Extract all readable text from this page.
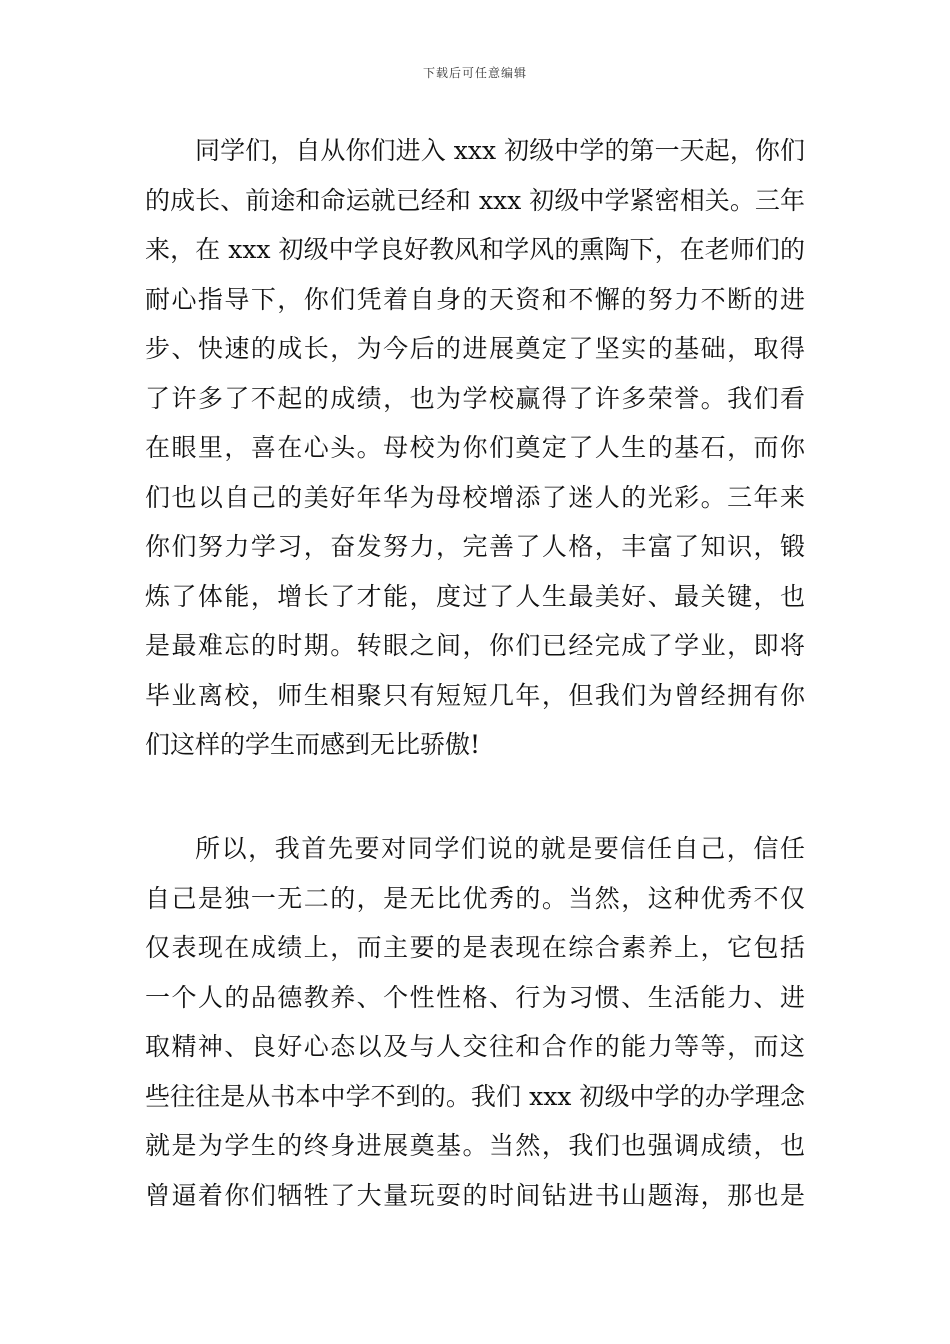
下载后可任意编辑
同学们，自从你们进入 xxx 初级中学的第一天起，你们
的成长、前途和命运就已经和 xxx 初级中学紧密相关。三年
来，在 xxx 初级中学良好教风和学风的熏陶下，在老师们的
耐心指导下，你们凭着自身的天资和不懈的努力不断的进
步、快速的成长，为今后的进展奠定了坚实的基础，取得
了许多了不起的成绩，也为学校赢得了许多荣誉。我们看
在眼里，喜在心头。母校为你们奠定了人生的基石，而你
们也以自己的美好年华为母校增添了迷人的光彩。三年来
你们努力学习，奋发努力，完善了人格，丰富了知识，锻
炼了体能，增长了才能，度过了人生最美好、最关键，也
是最难忘的时期。转眼之间，你们已经完成了学业，即将
毕业离校，师生相聚只有短短几年，但我们为曾经拥有你
们这样的学生而感到无比骄傲!
所以，我首先要对同学们说的就是要信任自己，信任
自己是独一无二的，是无比优秀的。当然，这种优秀不仅
仅表现在成绩上，而主要的是表现在综合素养上，它包括
一个人的品德教养、个性性格、行为习惯、生活能力、进
取精神、良好心态以及与人交往和合作的能力等等，而这
些往往是从书本中学不到的。我们 xxx 初级中学的办学理念
就是为学生的终身进展奠基。当然，我们也强调成绩，也
曾逼着你们牺牲了大量玩耍的时间钻进书山题海，那也是
